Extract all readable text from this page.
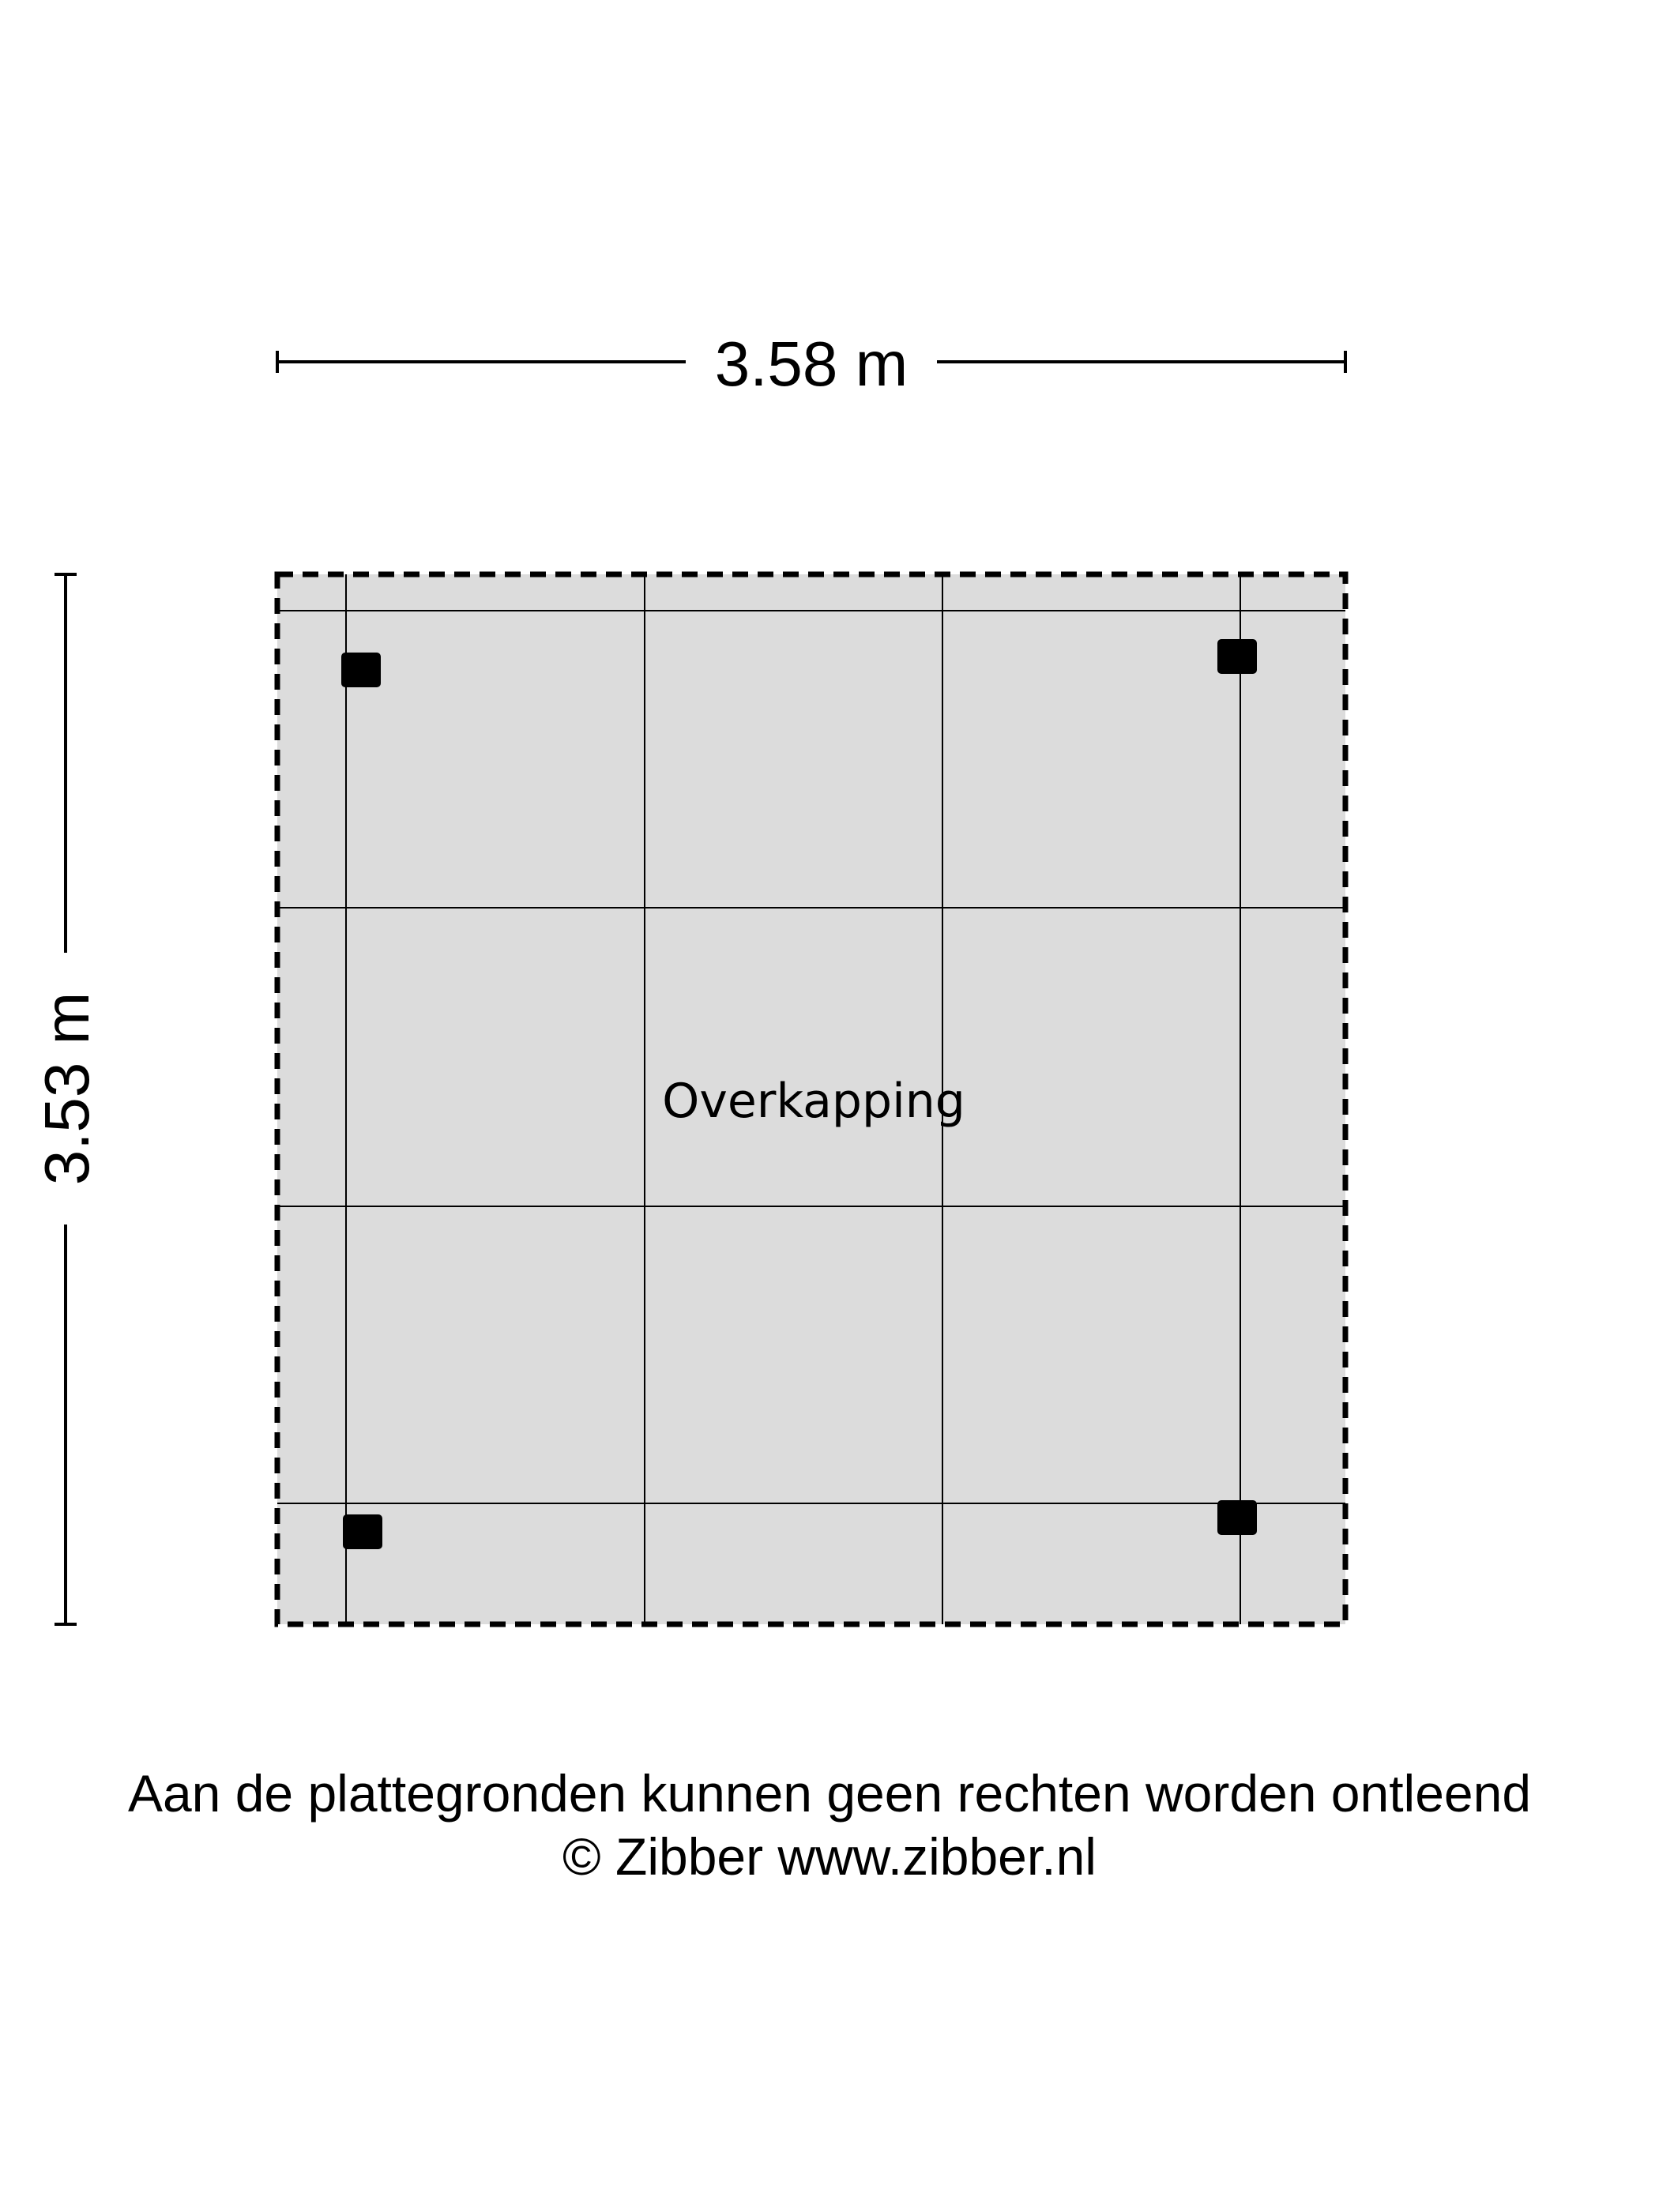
3.58 m
3.53 m	Overkapping
Aan de plattegronden kunnen geen rechten worden ontleend
© Zibber www.zibber.nl
